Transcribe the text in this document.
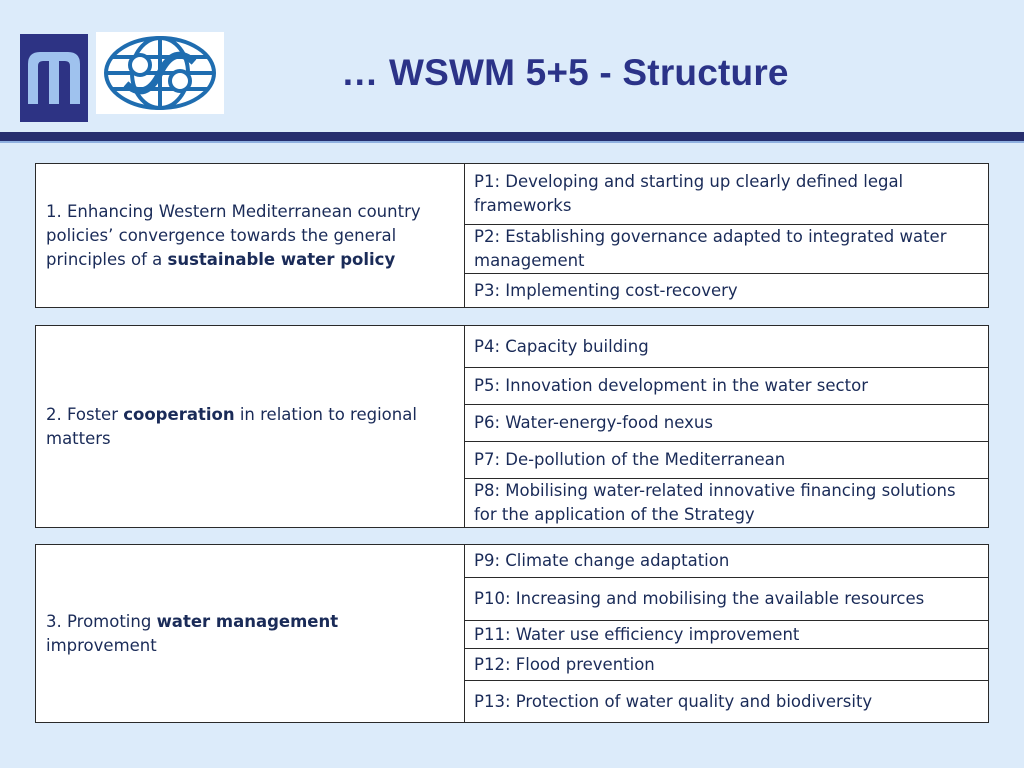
… WSWM 5+5 - Structure
1. Enhancing Western Mediterranean country policies’ convergence towards the general principles of a sustainable water policy	P1: Developing and starting up clearly defined legal frameworks
P2: Establishing governance adapted to integrated water management
P3: Implementing cost-recovery
2. Foster cooperation in relation to regional matters	P4: Capacity building
P5: Innovation development in the water sector
P6: Water-energy-food nexus
P7: De-pollution of the Mediterranean
P8: Mobilising water-related innovative financing solutions for the application of the Strategy
3. Promoting water management improvement	P9: Climate change adaptation
P10: Increasing and mobilising the available resources
P11: Water use efficiency improvement
P12: Flood prevention
P13: Protection of water quality and biodiversity
